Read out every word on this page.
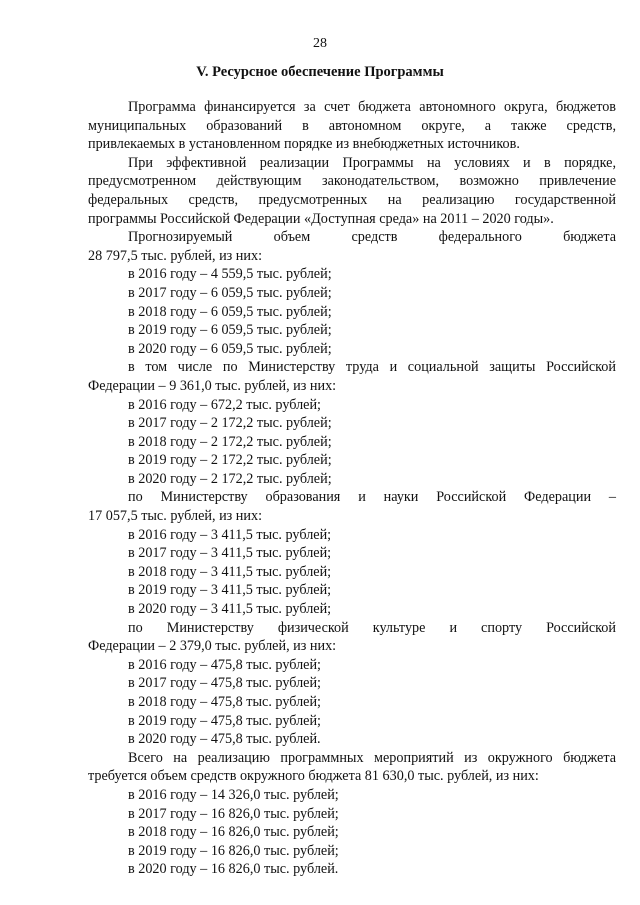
28
V. Ресурсное обеспечение Программы
Программа финансируется за счет бюджета автономного округа, бюджетов
муниципальных образований в автономном округе, а также средств,
привлекаемых в установленном порядке из внебюджетных источников.
При эффективной реализации Программы на условиях и в порядке,
предусмотренном действующим законодательством, возможно привлечение
федеральных средств, предусмотренных на реализацию государственной
программы Российской Федерации «Доступная среда» на 2011 – 2020 годы».
Прогнозируемый объем средств федерального бюджета
28 797,5 тыс. рублей, из них:
в 2016 году – 4 559,5 тыс. рублей;
в 2017 году – 6 059,5 тыс. рублей;
в 2018 году – 6 059,5 тыс. рублей;
в 2019 году – 6 059,5 тыс. рублей;
в 2020 году – 6 059,5 тыс. рублей;
в том числе по Министерству труда и социальной защиты Российской
Федерации – 9 361,0 тыс. рублей, из них:
в 2016 году – 672,2 тыс. рублей;
в 2017 году – 2 172,2 тыс. рублей;
в 2018 году – 2 172,2 тыс. рублей;
в 2019 году – 2 172,2 тыс. рублей;
в 2020 году – 2 172,2 тыс. рублей;
по Министерству образования и науки Российской Федерации –
17 057,5 тыс. рублей, из них:
в 2016 году – 3 411,5 тыс. рублей;
в 2017 году – 3 411,5 тыс. рублей;
в 2018 году – 3 411,5 тыс. рублей;
в 2019 году – 3 411,5 тыс. рублей;
в 2020 году – 3 411,5 тыс. рублей;
по Министерству физической культуре и спорту Российской
Федерации – 2 379,0 тыс. рублей, из них:
в 2016 году – 475,8 тыс. рублей;
в 2017 году – 475,8 тыс. рублей;
в 2018 году – 475,8 тыс. рублей;
в 2019 году – 475,8 тыс. рублей;
в 2020 году – 475,8 тыс. рублей.
Всего на реализацию программных мероприятий из окружного бюджета
требуется объем средств окружного бюджета 81 630,0 тыс. рублей, из них:
в 2016 году – 14 326,0 тыс. рублей;
в 2017 году – 16 826,0 тыс. рублей;
в 2018 году – 16 826,0 тыс. рублей;
в 2019 году – 16 826,0 тыс. рублей;
в 2020 году – 16 826,0 тыс. рублей.
